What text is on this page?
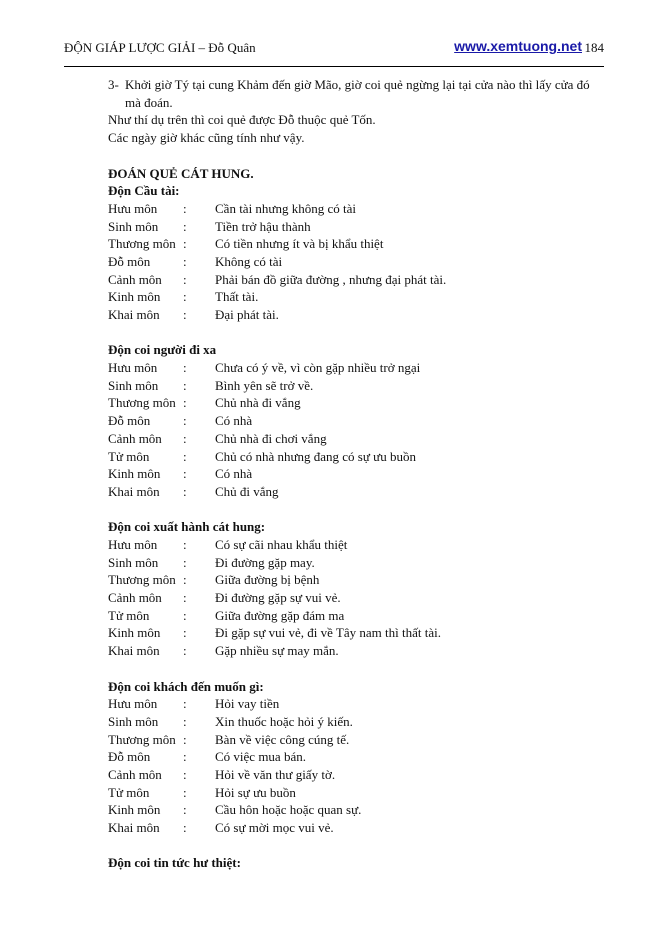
ĐỘN GIÁP LƯỢC GIẢI – Đỗ Quân	www.xemtuong.net 184
3- Khởi giờ Tý tại cung Khảm đến giờ Mão, giờ coi quẻ ngừng lại tại cửa nào thì lấy cửa đó mà đoán.
Như thí dụ trên thì coi quẻ được Đỗ thuộc quẻ Tốn.
Các ngày giờ khác cũng tính như vậy.
ĐOÁN QUẺ CÁT HUNG.
Độn Cầu tài:
Hưu môn : Cần tài nhưng không có tài
Sinh môn : Tiền trở hậu thành
Thương môn : Có tiền nhưng ít và bị khẩu thiệt
Đỗ môn	: Không có tài
Cảnh môn : Phải bán đồ giữa đường , nhưng đại phát tài.
Kinh môn : Thất tài.
Khai môn : Đại phát tài.
Độn coi người đi xa
Hưu môn : Chưa có ý về, vì còn gặp nhiều trở ngại
Sinh môn : Bình yên sẽ trở về.
Thương môn : Chủ nhà đi vắng
Đỗ môn	: Có nhà
Cảnh môn : Chủ nhà đi chơi vắng
Tử môn	: Chủ có nhà nhưng đang có sự ưu buồn
Kinh môn : Có nhà
Khai môn : Chủ đi vắng
Độn coi xuất hành cát hung:
Hưu môn : Có sự cãi nhau khẩu thiệt
Sinh môn : Đi đường gặp may.
Thương môn : Giữa đường bị bệnh
Cảnh môn : Đi đường gặp sự vui vẻ.
Tử môn	: Giữa đường gặp đám ma
Kinh môn : Đi gặp sự vui vẻ, đi về Tây nam thì thất tài.
Khai môn : Gặp nhiều sự may mắn.
Độn coi khách đến muốn gì:
Hưu môn : Hỏi vay tiền
Sinh môn : Xin thuốc hoặc hỏi ý kiến.
Thương môn : Bàn về việc công cúng tế.
Đỗ môn	: Có việc mua bán.
Cảnh môn : Hỏi về văn thư giấy tờ.
Tử môn	: Hỏi sự ưu buồn
Kinh môn : Cầu hôn hoặc hoặc quan sự.
Khai môn : Có sự mời mọc vui vẻ.
Độn coi tin tức hư thiệt:
